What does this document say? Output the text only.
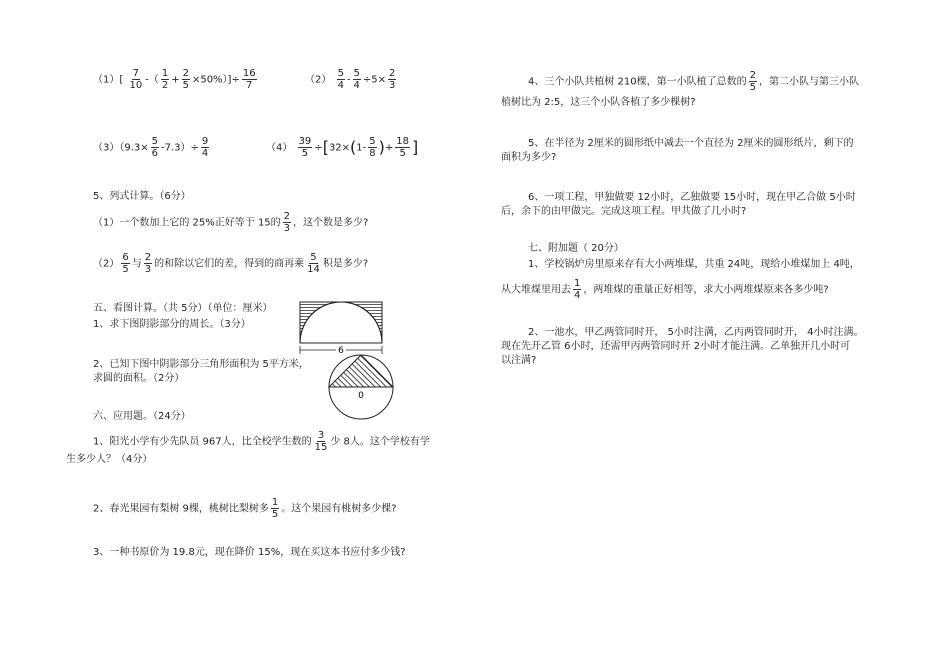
$(1)[ \frac{7}{10}$ -（ $\frac{1}{2} + \frac{2}{5} \times 50\%)]\div \frac{16}{7}$	$(2) \frac{5}{4} - \frac{5}{4} \div 5\times \frac{2}{3}$
$(3)(9.3\times \frac{5}{6} -7.3)\div \frac{9}{4}$	$(4) \frac{39}{5} \div[32\times(1- \frac{5}{8}$ )+ $\frac{18}{5}$ ]
5、列式计算。（6分）
（1）一个数加上它的 25%正好等于 15的 $\frac{2}{3}$ ，这个数是多少?
$(2) \frac{6}{5}$ 与 $\frac{2}{3}$ 的和除以它们的差，得到的商再乘 $\frac{5}{14}$ 积是多少?
五、看图计算。（共 5分）（单位：厘米）
1、求下图阴影部分的周长。（3分）
2、已知下图中阴影部分三角形面积为 5平方米，
求圆的面积。（2分）
6
0
六、应用题。（24分）
1、阳光小学有少先队员 967人，比全校学生数的 $\frac{3}{15}$ 少 8人。这个学校有学
生多少人？（4分）
2、春光果园有梨树 9棵，桃树比梨树多 $\frac{1}{5}$ 。这个果园有桃树多少棵?
3、一种书原价为 19.8元，现在降价 15%，现在买这本书应付多少钱?
4、三个小队共植树 210棵，第一小队植了总数的 $\frac{2}{5}$ ，第二小队与第三小队
植树比为 2:5，这三个小队各植了多少棵树?
5、在半径为 2厘米的圆形纸中减去一个直径为 2厘米的圆形纸片，剩下的
面积为多少?
6、一项工程，甲独做要 12小时，乙独做要 15小时，现在甲乙合做 5小时
后，余下的由甲做完。完成这项工程。甲共做了几小时?
七、附加题（ 20分）
1、学校锅炉房里原来存有大小两堆煤，共重 24吨，现给小堆煤加上 4吨，
从大堆煤里用去 $\frac{1}{4}$ ，两堆煤的重量正好相等，求大小两堆煤原来各多少吨?
2、一池水，甲乙两管同时开， 5小时注满，乙丙两管同时开， 4小时注满。
现在先开乙管 6小时，还需甲丙两管同时开 2小时才能注满。乙单独开几小时可
以注满?
